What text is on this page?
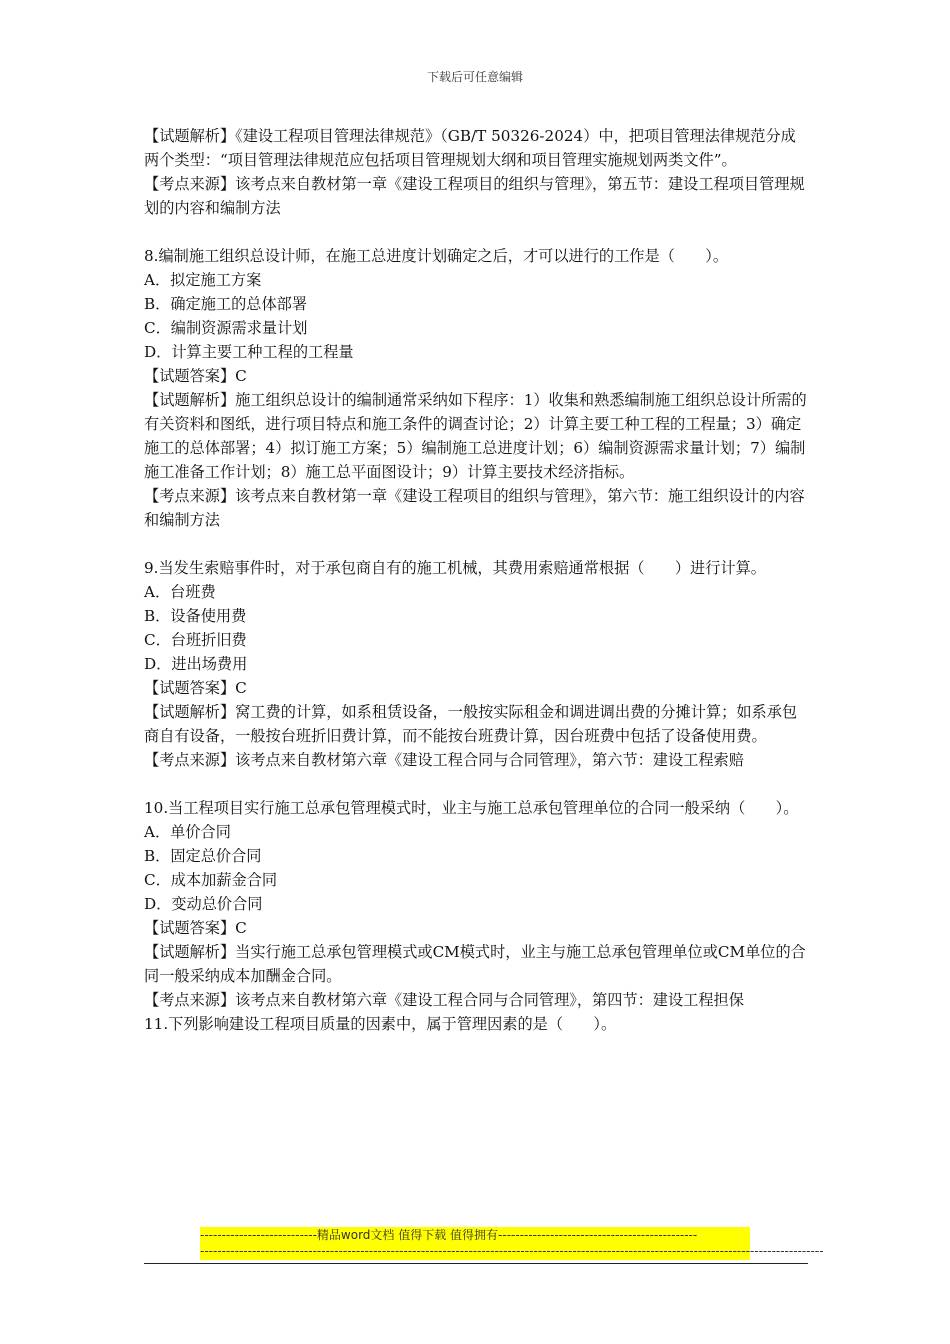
下载后可任意编辑

【试题解析】《建设工程项目管理法律规范》（GB/T 50326-2024）中，把项目管理法律规范分成两个类型：“项目管理法律规范应包括项目管理规划大纲和项目管理实施规划两类文件”。

【考点来源】该考点来自教材第一章《建设工程项目的组织与管理》，第五节：建设工程项目管理规划的内容和编制方法

8.编制施工组织总设计师，在施工总进度计划确定之后，才可以进行的工作是（　　）。

A．拟定施工方案

B．确定施工的总体部署

C．编制资源需求量计划

D．计算主要工种工程的工程量

【试题答案】C

【试题解析】施工组织总设计的编制通常采纳如下程序：1）收集和熟悉编制施工组织总设计所需的有关资料和图纸，进行项目特点和施工条件的调查讨论；2）计算主要工种工程的工程量；3）确定施工的总体部署；4）拟订施工方案；5）编制施工总进度计划；6）编制资源需求量计划；7）编制施工准备工作计划；8）施工总平面图设计；9）计算主要技术经济指标。

【考点来源】该考点来自教材第一章《建设工程项目的组织与管理》，第六节：施工组织设计的内容和编制方法

9.当发生索赔事件时，对于承包商自有的施工机械，其费用索赔通常根据（　　）进行计算。

A．台班费

B．设备使用费

C．台班折旧费

D．进出场费用

【试题答案】C

【试题解析】窝工费的计算，如系租赁设备，一般按实际租金和调进调出费的分摊计算；如系承包商自有设备，一般按台班折旧费计算，而不能按台班费计算，因台班费中包括了设备使用费。

【考点来源】该考点来自教材第六章《建设工程合同与合同管理》，第六节：建设工程索赔

10.当工程项目实行施工总承包管理模式时，业主与施工总承包管理单位的合同一般采纳（　　）。

A．单价合同

B．固定总价合同

C．成本加薪金合同

D．变动总价合同

【试题答案】C

【试题解析】当实行施工总承包管理模式或CM模式时，业主与施工总承包管理单位或CM单位的合同一般采纳成本加酬金合同。

【考点来源】该考点来自教材第六章《建设工程合同与合同管理》，第四节：建设工程担保

11.下列影响建设工程项目质量的因素中，属于管理因素的是（　　）。

---------------------------精品word文档 值得下载 值得拥有----------------------------------------------
------------------------------------------------------------------------------------------------------------------------------------------------
